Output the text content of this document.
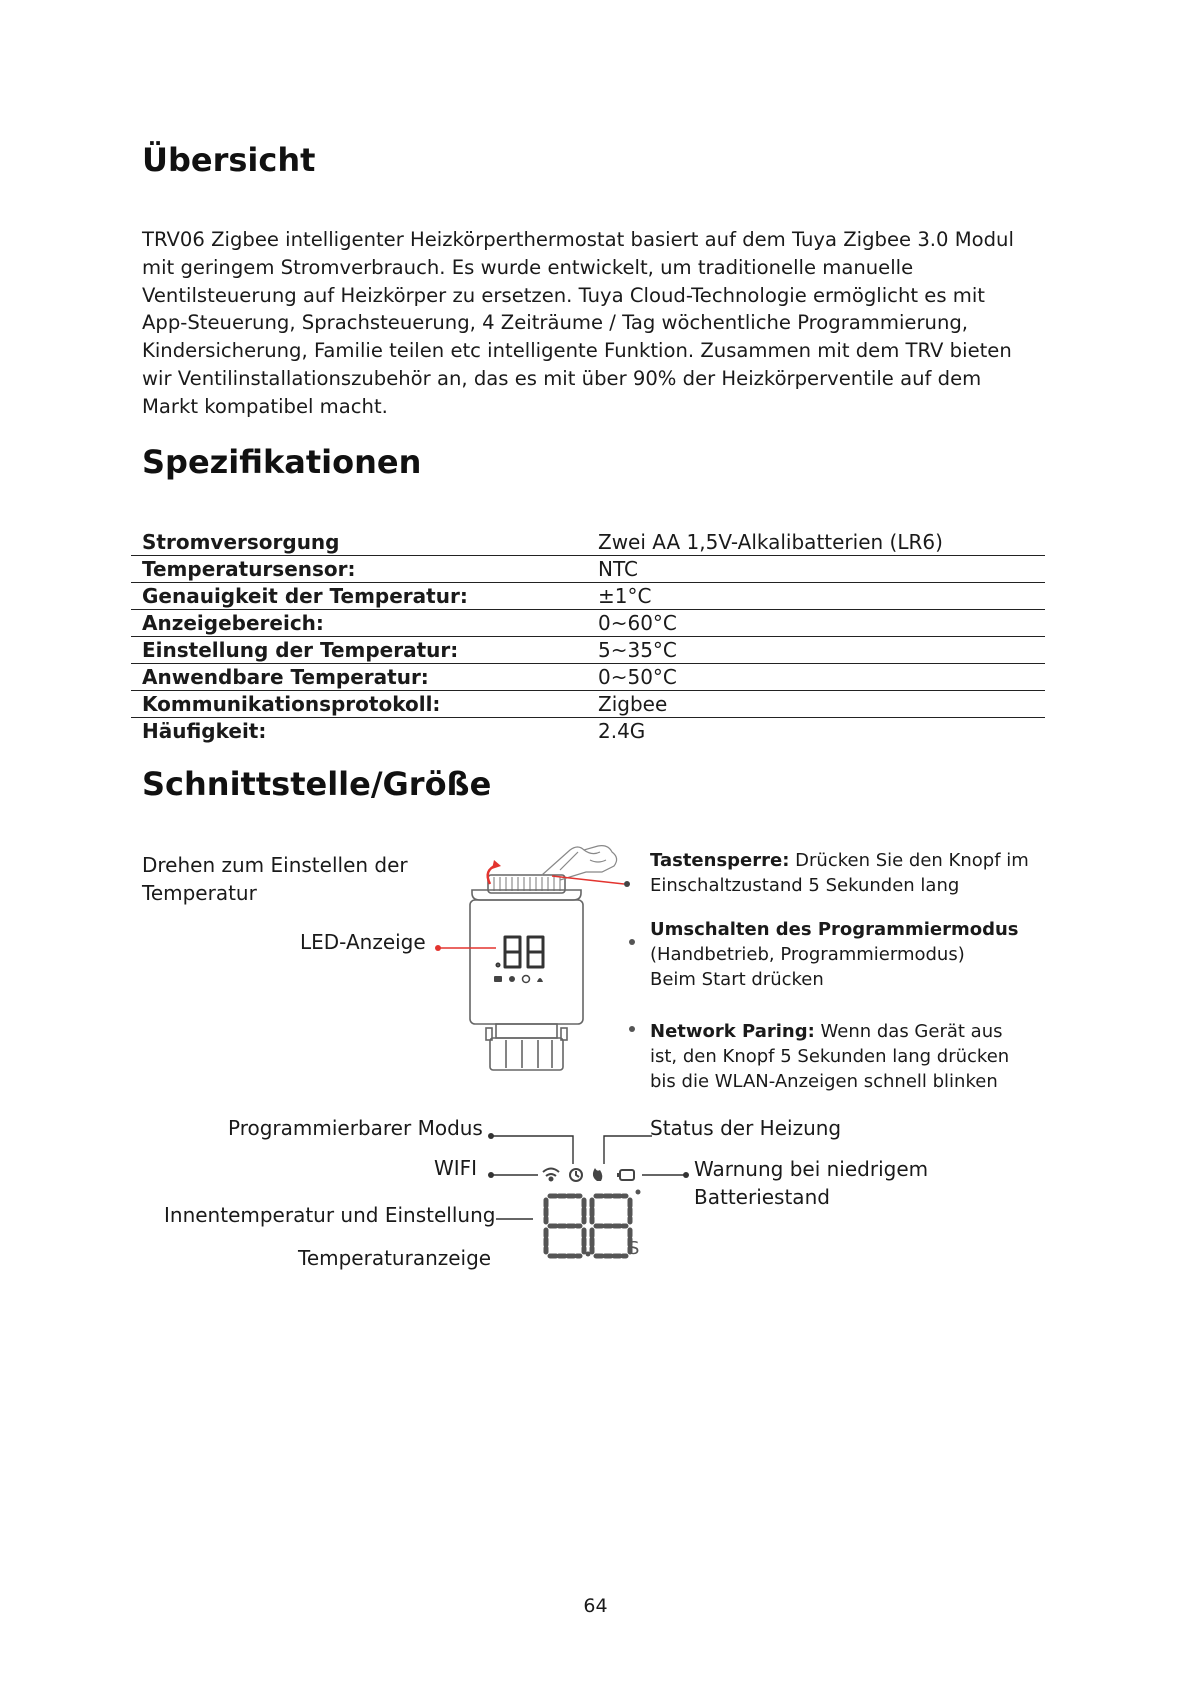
Übersicht

TRV06 Zigbee intelligenter Heizkörperthermostat basiert auf dem Tuya Zigbee 3.0 Modul
mit geringem Stromverbrauch. Es wurde entwickelt, um traditionelle manuelle
Ventilsteuerung auf Heizkörper zu ersetzen. Tuya Cloud-Technologie ermöglicht es mit
App-Steuerung, Sprachsteuerung, 4 Zeiträume / Tag wöchentliche Programmierung,
Kindersicherung, Familie teilen etc intelligente Funktion. Zusammen mit dem TRV bieten
wir Ventilinstallationszubehör an, das es mit über 90% der Heizkörperventile auf dem
Markt kompatibel macht.

Spezifikationen
Stromversorgung	Zwei AA 1,5V-Alkalibatterien (LR6)
Temperatursensor:	NTC
Genauigkeit der Temperatur:	±1°C
Anzeigebereich:	0~60°C
Einstellung der Temperatur:	5~35°C
Anwendbare Temperatur:	0~50°C
Kommunikationsprotokoll:	Zigbee
Häufigkeit:	2.4G
Schnittstelle/Größe
Drehen zum Einstellen der
Temperatur
LED-Anzeige
Tastensperre: Drücken Sie den Knopf im
Einschaltzustand 5 Sekunden lang
Umschalten des Programmiermodus
(Handbetrieb, Programmiermodus)
Beim Start drücken
Network Paring: Wenn das Gerät aus
ist, den Knopf 5 Sekunden lang drücken
bis die WLAN-Anzeigen schnell blinken
Programmierbarer Modus
WIFI
Innentemperatur und Einstellung
Temperaturanzeige
Status der Heizung
Warnung bei niedrigem
Batteriestand
S
64
